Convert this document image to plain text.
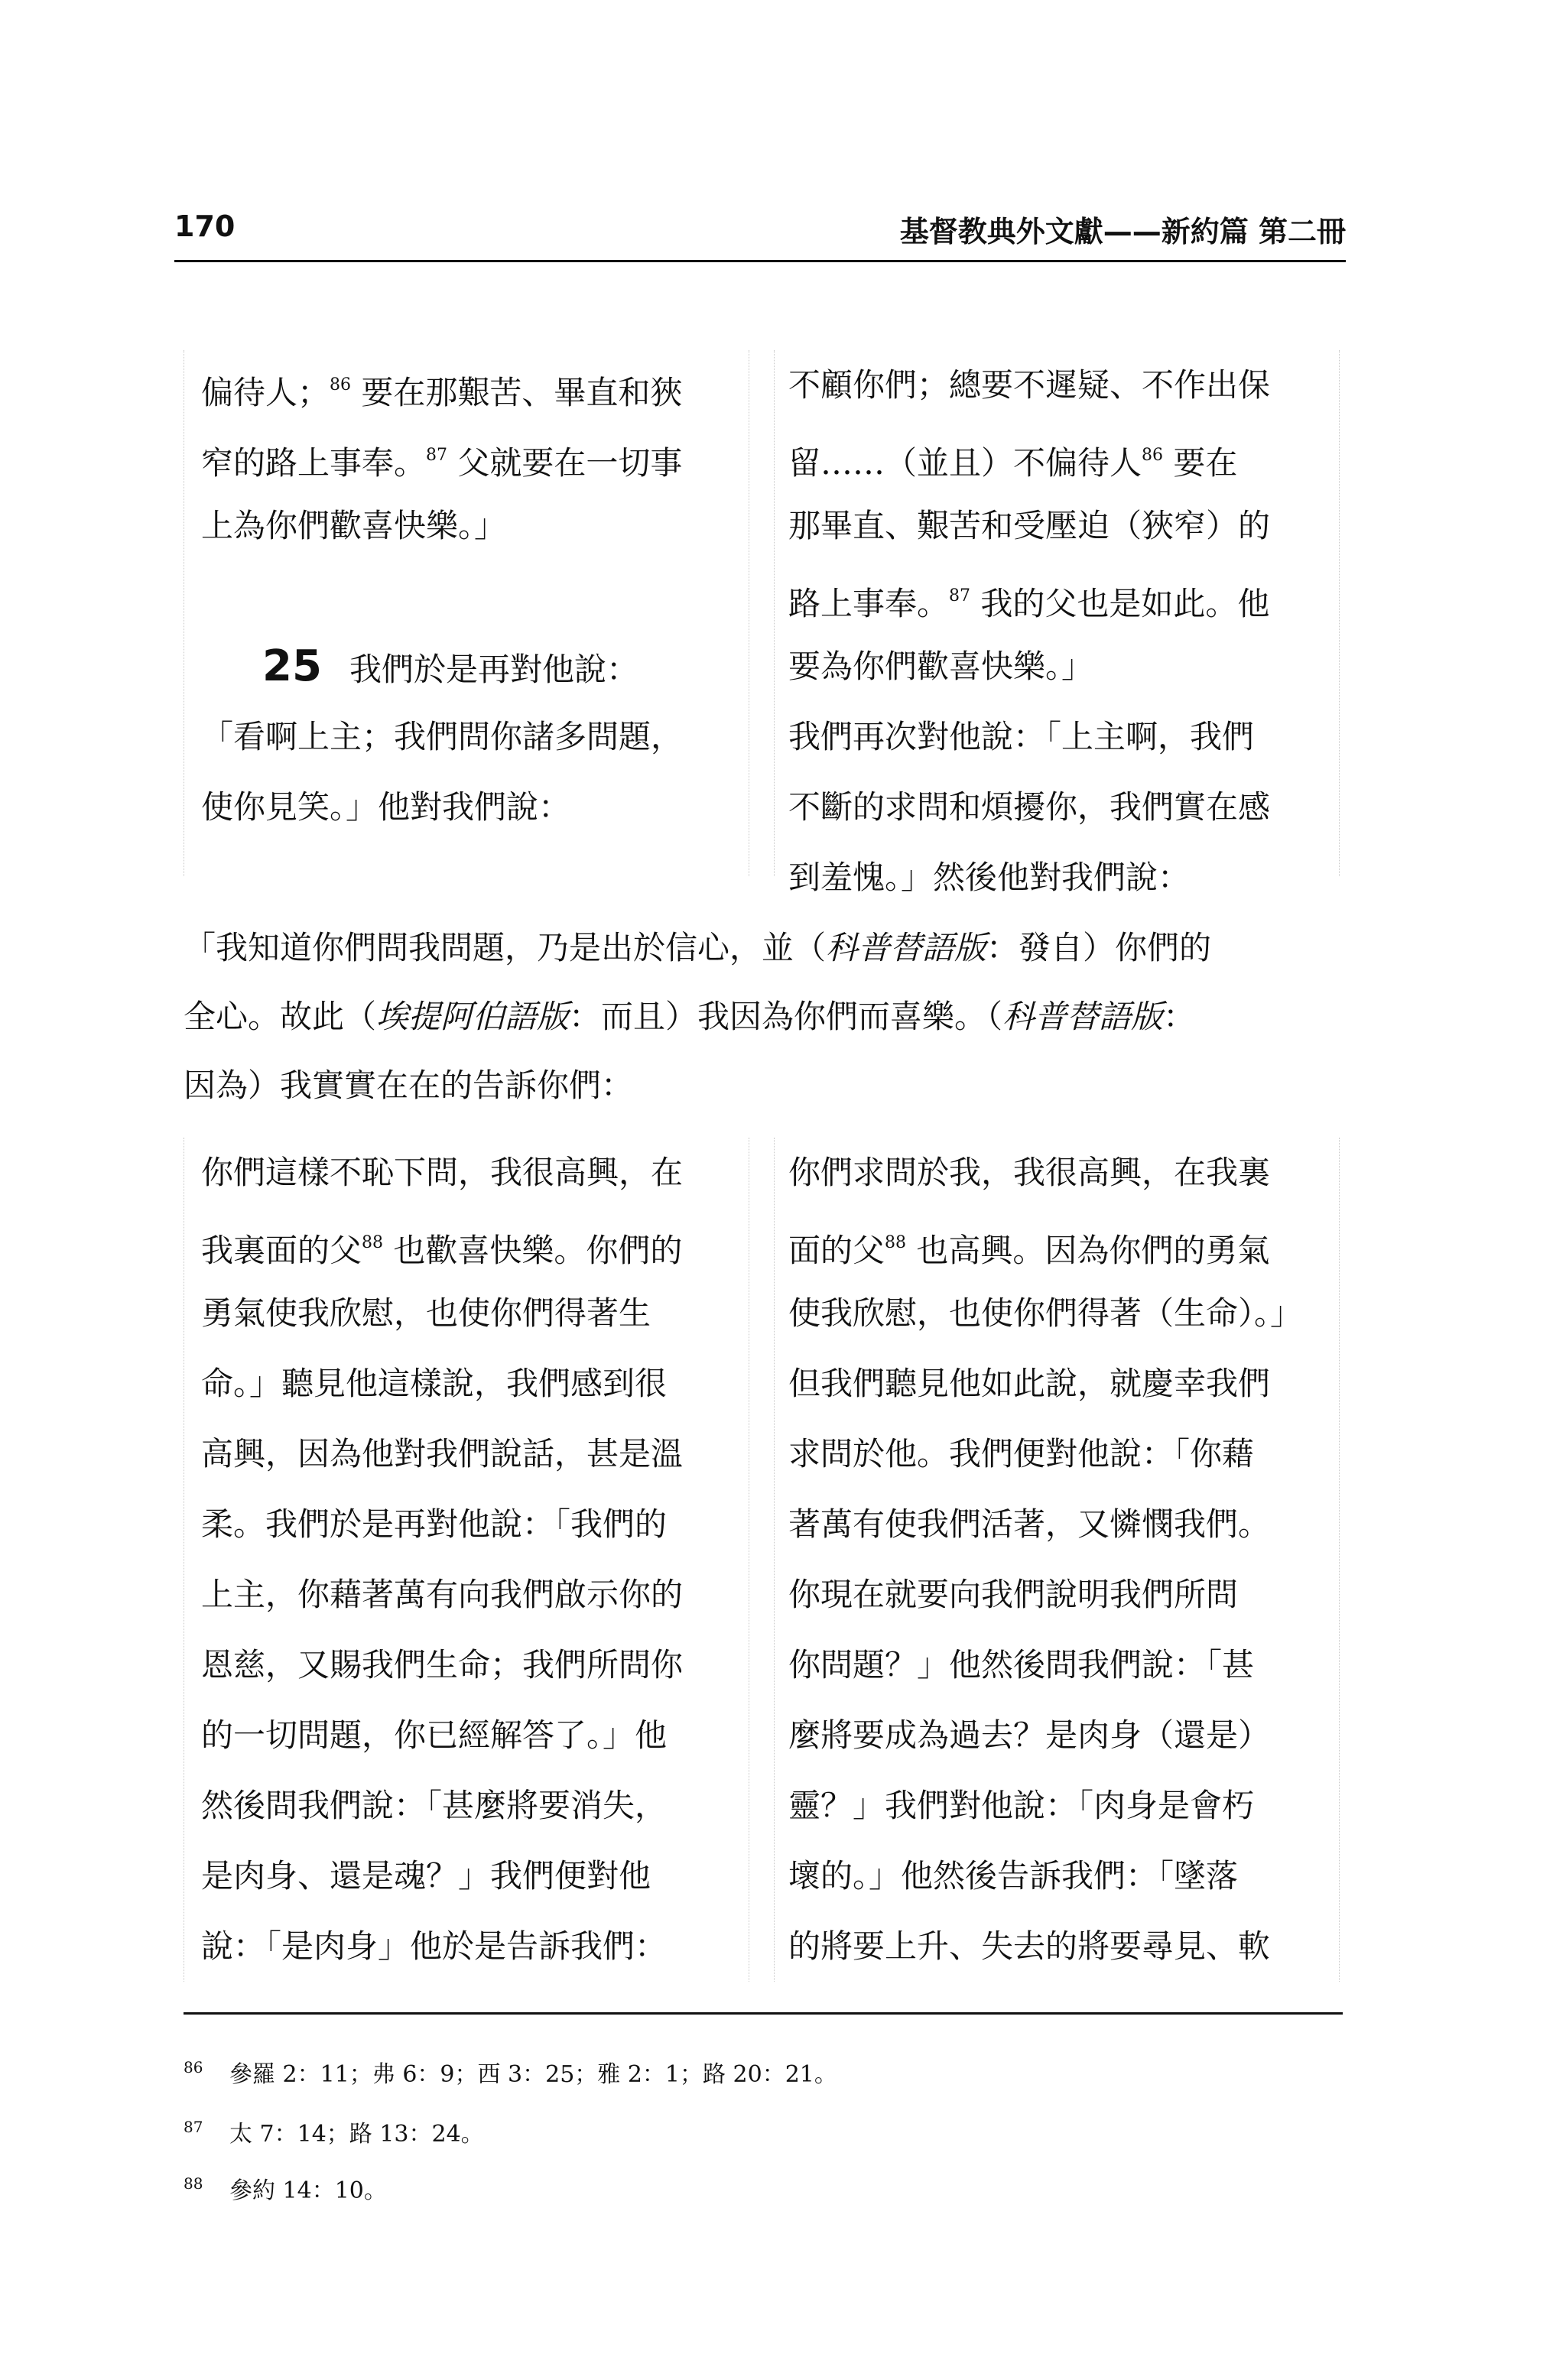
170	基督教典外文獻——新約篇 第二冊
偏待人；$^{86}$ 要在那艱苦、畢直和狹
窄的路上事奉。$^{87}$ 父就要在一切事
上為你們歡喜快樂。」
25 我們於是再對他說：
「看啊上主；我們問你諸多問題，
使你見笑。」他對我們說：
不顧你們；總要不遲疑、不作出保
留……（並且）不偏待人$^{86}$ 要在
那畢直、艱苦和受壓迫（狹窄）的
路上事奉。$^{87}$ 我的父也是如此。他
要為你們歡喜快樂。」
我們再次對他說：「上主啊，我們
不斷的求問和煩擾你，我們實在感
到羞愧。」然後他對我們說：
「我知道你們問我問題，乃是出於信心，並（科普替語版：發自）你們的
全心。故此（埃提阿伯語版：而且）我因為你們而喜樂。（科普替語版：
因為）我實實在在的告訴你們：
你們這樣不恥下問，我很高興，在
我裏面的父$^{88}$ 也歡喜快樂。你們的
勇氣使我欣慰，也使你們得著生
命。」聽見他這樣說，我們感到很
高興，因為他對我們說話，甚是溫
柔。我們於是再對他說：「我們的
上主，你藉著萬有向我們啟示你的
恩慈，又賜我們生命；我們所問你
的一切問題，你已經解答了。」他
然後問我們說：「甚麼將要消失，
是肉身、還是魂？」我們便對他
說：「是肉身」他於是告訴我們：
你們求問於我，我很高興，在我裏
面的父$^{88}$ 也高興。因為你們的勇氣
使我欣慰，也使你們得著（生命）。」
但我們聽見他如此說，就慶幸我們
求問於他。我們便對他說：「你藉
著萬有使我們活著，又憐憫我們。
你現在就要向我們說明我們所問
你問題？」他然後問我們說：「甚
麼將要成為過去？是肉身（還是）
靈？」我們對他說：「肉身是會朽
壞的。」他然後告訴我們：「墜落
的將要上升、失去的將要尋見、軟
86 參羅 2：11；弗 6：9；西 3：25；雅 2：1；路 20：21。
87 太 7：14；路 13：24。
88 參約 14：10。
